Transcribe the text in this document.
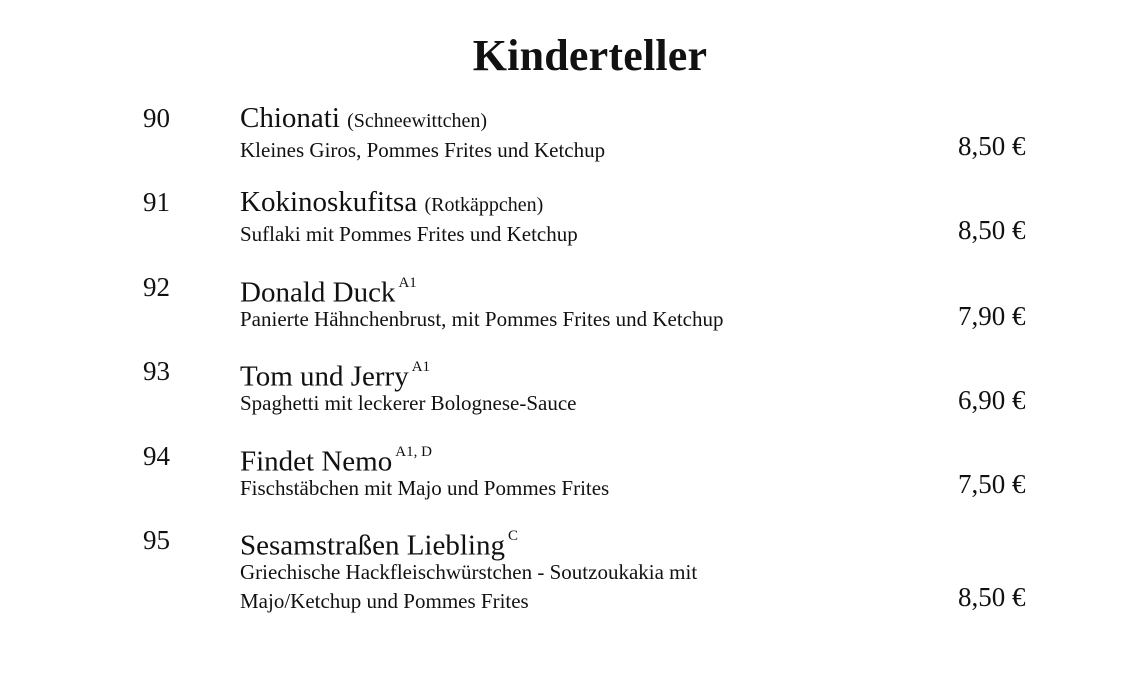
Kinderteller
90 Chionati (Schneewittchen)
Kleines Giros, Pommes Frites und Ketchup	8,50 €
91 Kokinoskufitsa (Rotkäppchen)
Suflaki mit Pommes Frites und Ketchup	8,50 €
92 Donald Duck $^{A1}$
Panierte Hähnchenbrust, mit Pommes Frites und Ketchup	7,90 €
93 Tom und Jerry $^{A1}$
Spaghetti mit leckerer Bolognese-Sauce	6,90 €
94 Findet Nemo $^{A1, D}$
Fischstäbchen mit Majo und Pommes Frites	7,50 €
95 Sesamstraßen Liebling $^C$
Griechische Hackfleischwürstchen - Soutzoukakia mit Majo/Ketchup und Pommes Frites	8,50 €
